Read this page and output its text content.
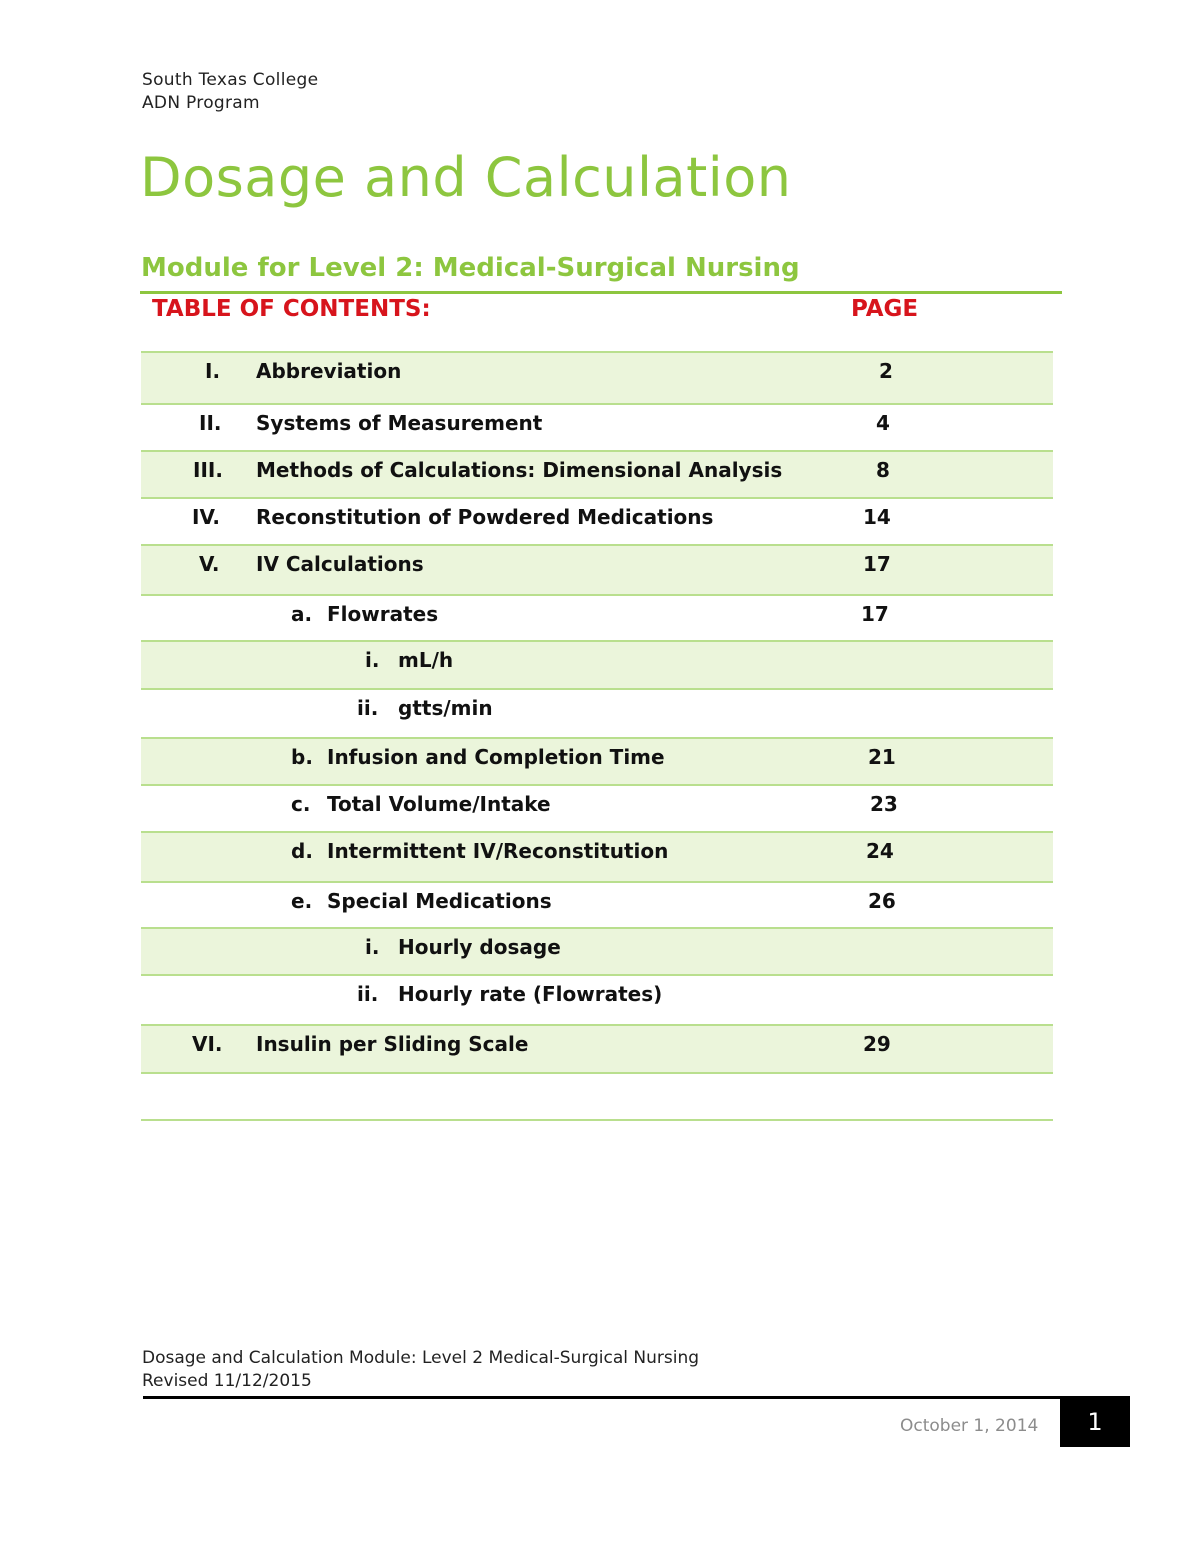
South Texas College
ADN Program
Dosage and Calculation
Module for Level 2: Medical-Surgical Nursing
TABLE OF CONTENTS:	PAGE
I. Abbreviation	2
II. Systems of Measurement	4
III. Methods of Calculations: Dimensional Analysis	8
IV. Reconstitution of Powdered Medications	14
V. IV Calculations	17
a. Flowrates	17
i. mL/h
ii. gtts/min
b. Infusion and Completion Time	21
c. Total Volume/Intake	23
d. Intermittent IV/Reconstitution	24
e. Special Medications	26
i. Hourly dosage
ii. Hourly rate (Flowrates)
VI. Insulin per Sliding Scale	29
Dosage and Calculation Module: Level 2 Medical-Surgical Nursing
Revised 11/12/2015
October 1, 2014	1
